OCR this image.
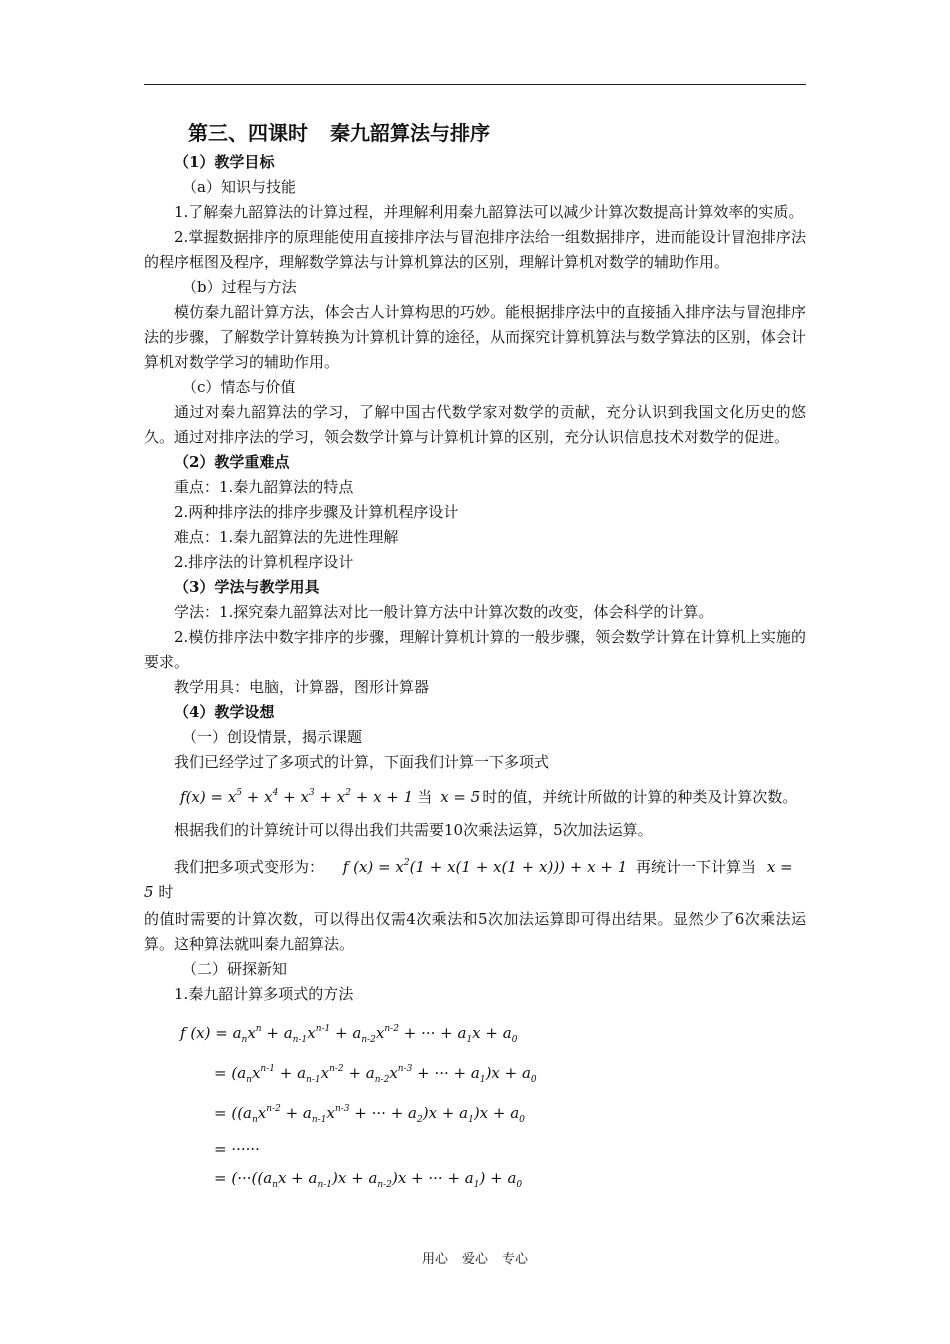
第三、四课时 秦九韶算法与排序
（1）教学目标
（a）知识与技能
1.了解秦九韶算法的计算过程，并理解利用秦九韶算法可以减少计算次数提高计算效率的实质。
2.掌握数据排序的原理能使用直接排序法与冒泡排序法给一组数据排序，进而能设计冒泡排序法的程序框图及程序，理解数学算法与计算机算法的区别，理解计算机对数学的辅助作用。
（b）过程与方法
模仿秦九韶计算方法，体会古人计算构思的巧妙。能根据排序法中的直接插入排序法与冒泡排序法的步骤，了解数学计算转换为计算机计算的途径，从而探究计算机算法与数学算法的区别，体会计算机对数学学习的辅助作用。
（c）情态与价值
通过对秦九韶算法的学习，了解中国古代数学家对数学的贡献，充分认识到我国文化历史的悠久。通过对排序法的学习，领会数学计算与计算机计算的区别，充分认识信息技术对数学的促进。
（2）教学重难点
重点：1.秦九韶算法的特点
2.两种排序法的排序步骤及计算机程序设计
难点：1.秦九韶算法的先进性理解
2.排序法的计算机程序设计
（3）学法与教学用具
学法：1.探究秦九韶算法对比一般计算方法中计算次数的改变，体会科学的计算。
2.模仿排序法中数字排序的步骤，理解计算机计算的一般步骤，领会数学计算在计算机上实施的要求。
教学用具：电脑，计算器，图形计算器
（4）教学设想
（一）创设情景，揭示课题
我们已经学过了多项式的计算，下面我们计算一下多项式
f $(x) = x^5 + x^4 + x^3 + x^2 + x + 1$ 当 x = 5 时的值，并统计所做的计算的种类及计算次数。
根据我们的计算统计可以得出我们共需要10次乘法运算，5次加法运算。
我们把多项式变形为： f $(x) = x^2(1 + x(1 + x(1 + x))) + x + 1$ 再统计一下计算当 x = 5 时
的值时需要的计算次数，可以得出仅需4次乘法和5次加法运算即可得出结果。显然少了6次乘法运算。这种算法就叫秦九韶算法。
（二）研探新知
1.秦九韶计算多项式的方法
f $(x) = a_nx^n + a_{n-1}x^{n-1} + a_{n-2}x^{n-2}$ + ··· + $a_1x + a_0$
= ($a_nx^{n-1} + a_{n-1}x^{n-2} + a_{n-2}x^{n-3}$ + ··· + $a_1)x + a_0$
= (($a_nx^{n-2} + a_{n-1}x^{n-3}$ + ··· + $a_2)x + a_1)x + a_0$
= ······
= ($\cdot\cdot\cdot((a_nx + a_{n-1})x + a_{n-2})x$ + ··· + $a_1) + a_0$
用心 爱心 专心
